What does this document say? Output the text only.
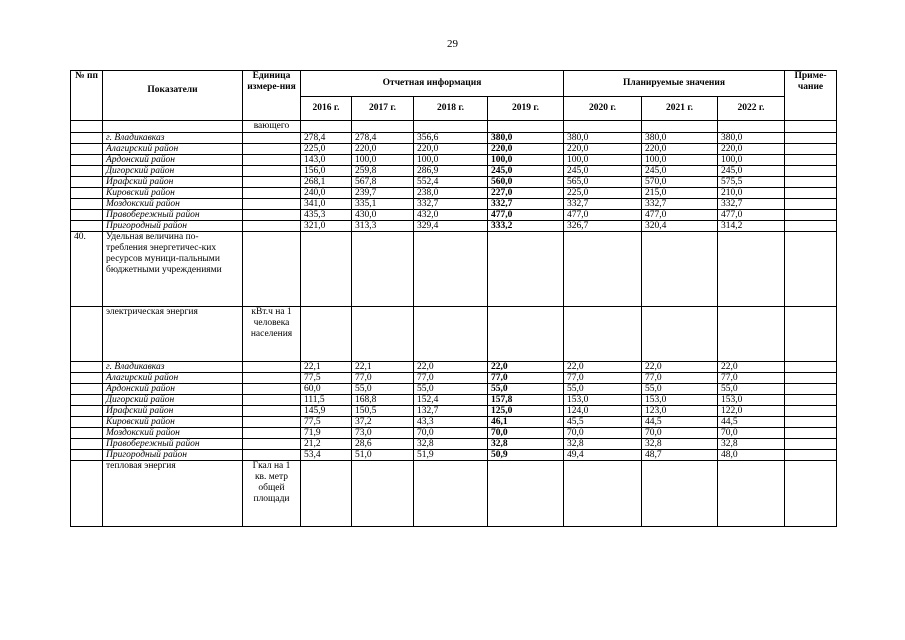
29
№ пп	Показатели	Единица измере-ния	Отчетная информация				Планируемые значения			Приме-чание
			2016 г.	2017 г.	2018 г.	2019 г.	2020 г.	2021 г.	2022 г.	
		вающего								
	г. Владикавказ		278,4	278,4	356,6	380,0	380,0	380,0	380,0	
	Алагирский район		225,0	220,0	220,0	220,0	220,0	220,0	220,0	
	Ардонский район		143,0	100,0	100,0	100,0	100,0	100,0	100,0	
	Дигорский район		156,0	259,8	286,9	245,0	245,0	245,0	245,0	
	Ирафский район		268,1	567,8	552,4	560,0	565,0	570,0	575,5	
	Кировский район		240,0	239,7	238,0	227,0	225,0	215,0	210,0	
	Моздокский район		341,0	335,1	332,7	332,7	332,7	332,7	332,7	
	Правобережный район		435,3	430,0	432,0	477,0	477,0	477,0	477,0	
	Пригородный район		321,0	313,3	329,4	333,2	326,7	320,4	314,2	
40.	Удельная величина по-требления энергетичес-ких ресурсов муници-пальными бюджетными учреждениями									
	электрическая энергия	кВт.ч на 1 человека населения								
	г. Владикавказ		22,1	22,1	22,0	22,0	22,0	22,0	22,0	
	Алагирский район		77,5	77,0	77,0	77,0	77,0	77,0	77,0	
	Ардонский район		60,0	55,0	55,0	55,0	55,0	55,0	55,0	
	Дигорский район		111,5	168,8	152,4	157,8	153,0	153,0	153,0	
	Ирафский район		145,9	150,5	132,7	125,0	124,0	123,0	122,0	
	Кировский район		77,5	37,2	43,3	46,1	45,5	44,5	44,5	
	Моздокский район		71,9	73,0	70,0	70,0	70,0	70,0	70,0	
	Правобережный район		21,2	28,6	32,8	32,8	32,8	32,8	32,8	
	Пригородный район		53,4	51,0	51,9	50,9	49,4	48,7	48,0	
	тепловая энергия	Гкал на 1 кв. метр общей площади								
